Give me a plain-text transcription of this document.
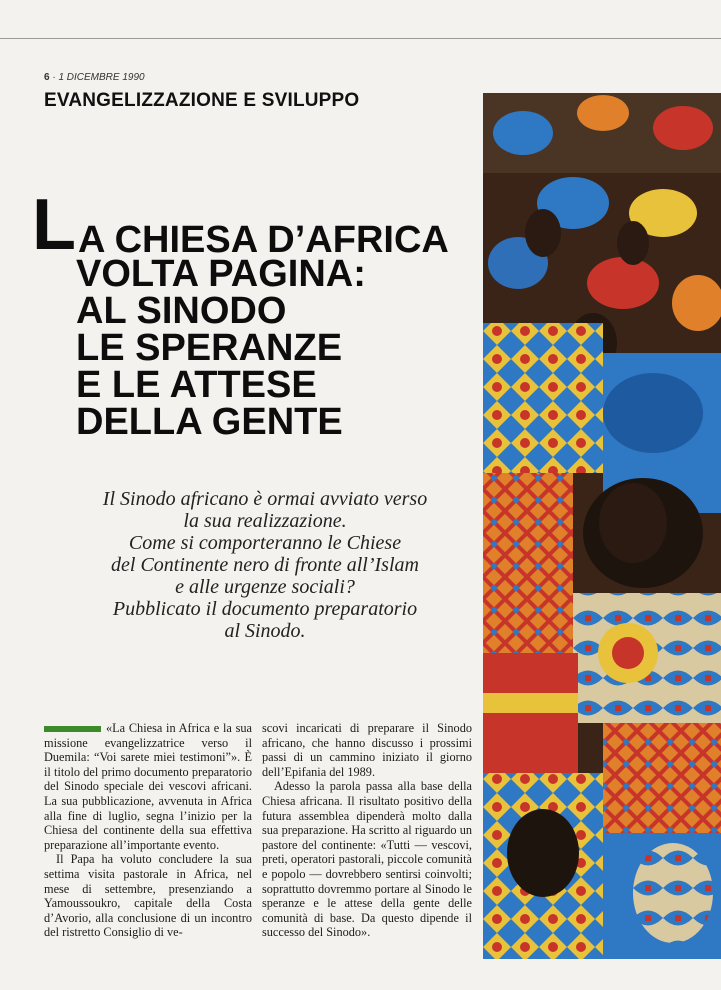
6 · 1 DICEMBRE 1990
EVANGELIZZAZIONE E SVILUPPO
L A CHIESA D’AFRICA
VOLTA PAGINA:
AL SINODO
LE SPERANZE
E LE ATTESE
DELLA GENTE
Il Sinodo africano è ormai avviato verso
la sua realizzazione.
Come si comporteranno le Chiese
del Continente nero di fronte all’Islam
e alle urgenze sociali?
Pubblicato il documento preparatorio
al Sinodo.

«La Chiesa in Africa e la sua missione evangelizzatrice verso il Duemila: “Voi sarete miei testimoni”». È il titolo del primo documento preparatorio del Sinodo speciale dei vescovi africani. La sua pubblicazione, avvenuta in Africa alla fine di luglio, segna l’inizio per la Chiesa del continente della sua effettiva preparazione all’importante evento.

Il Papa ha voluto concludere la sua settima visita pastorale in Africa, nel mese di settembre, presenziando a Yamoussoukro, capitale della Costa d’Avorio, alla conclusione di un incontro del ristretto Consiglio di ve-

scovi incaricati di preparare il Sinodo africano, che hanno discusso i prossimi passi di un cammino iniziato il giorno dell’Epifania del 1989.

Adesso la parola passa alla base della Chiesa africana. Il risultato positivo della futura assemblea dipenderà molto dalla sua preparazione. Ha scritto al riguardo un pastore del continente: «Tutti — vescovi, preti, operatori pastorali, piccole comunità e popolo — dovrebbero sentirsi coinvolti; soprattutto dovremmo portare al Sinodo le speranze e le attese della gente delle comunità di base. Da questo dipende il successo del Sinodo».
